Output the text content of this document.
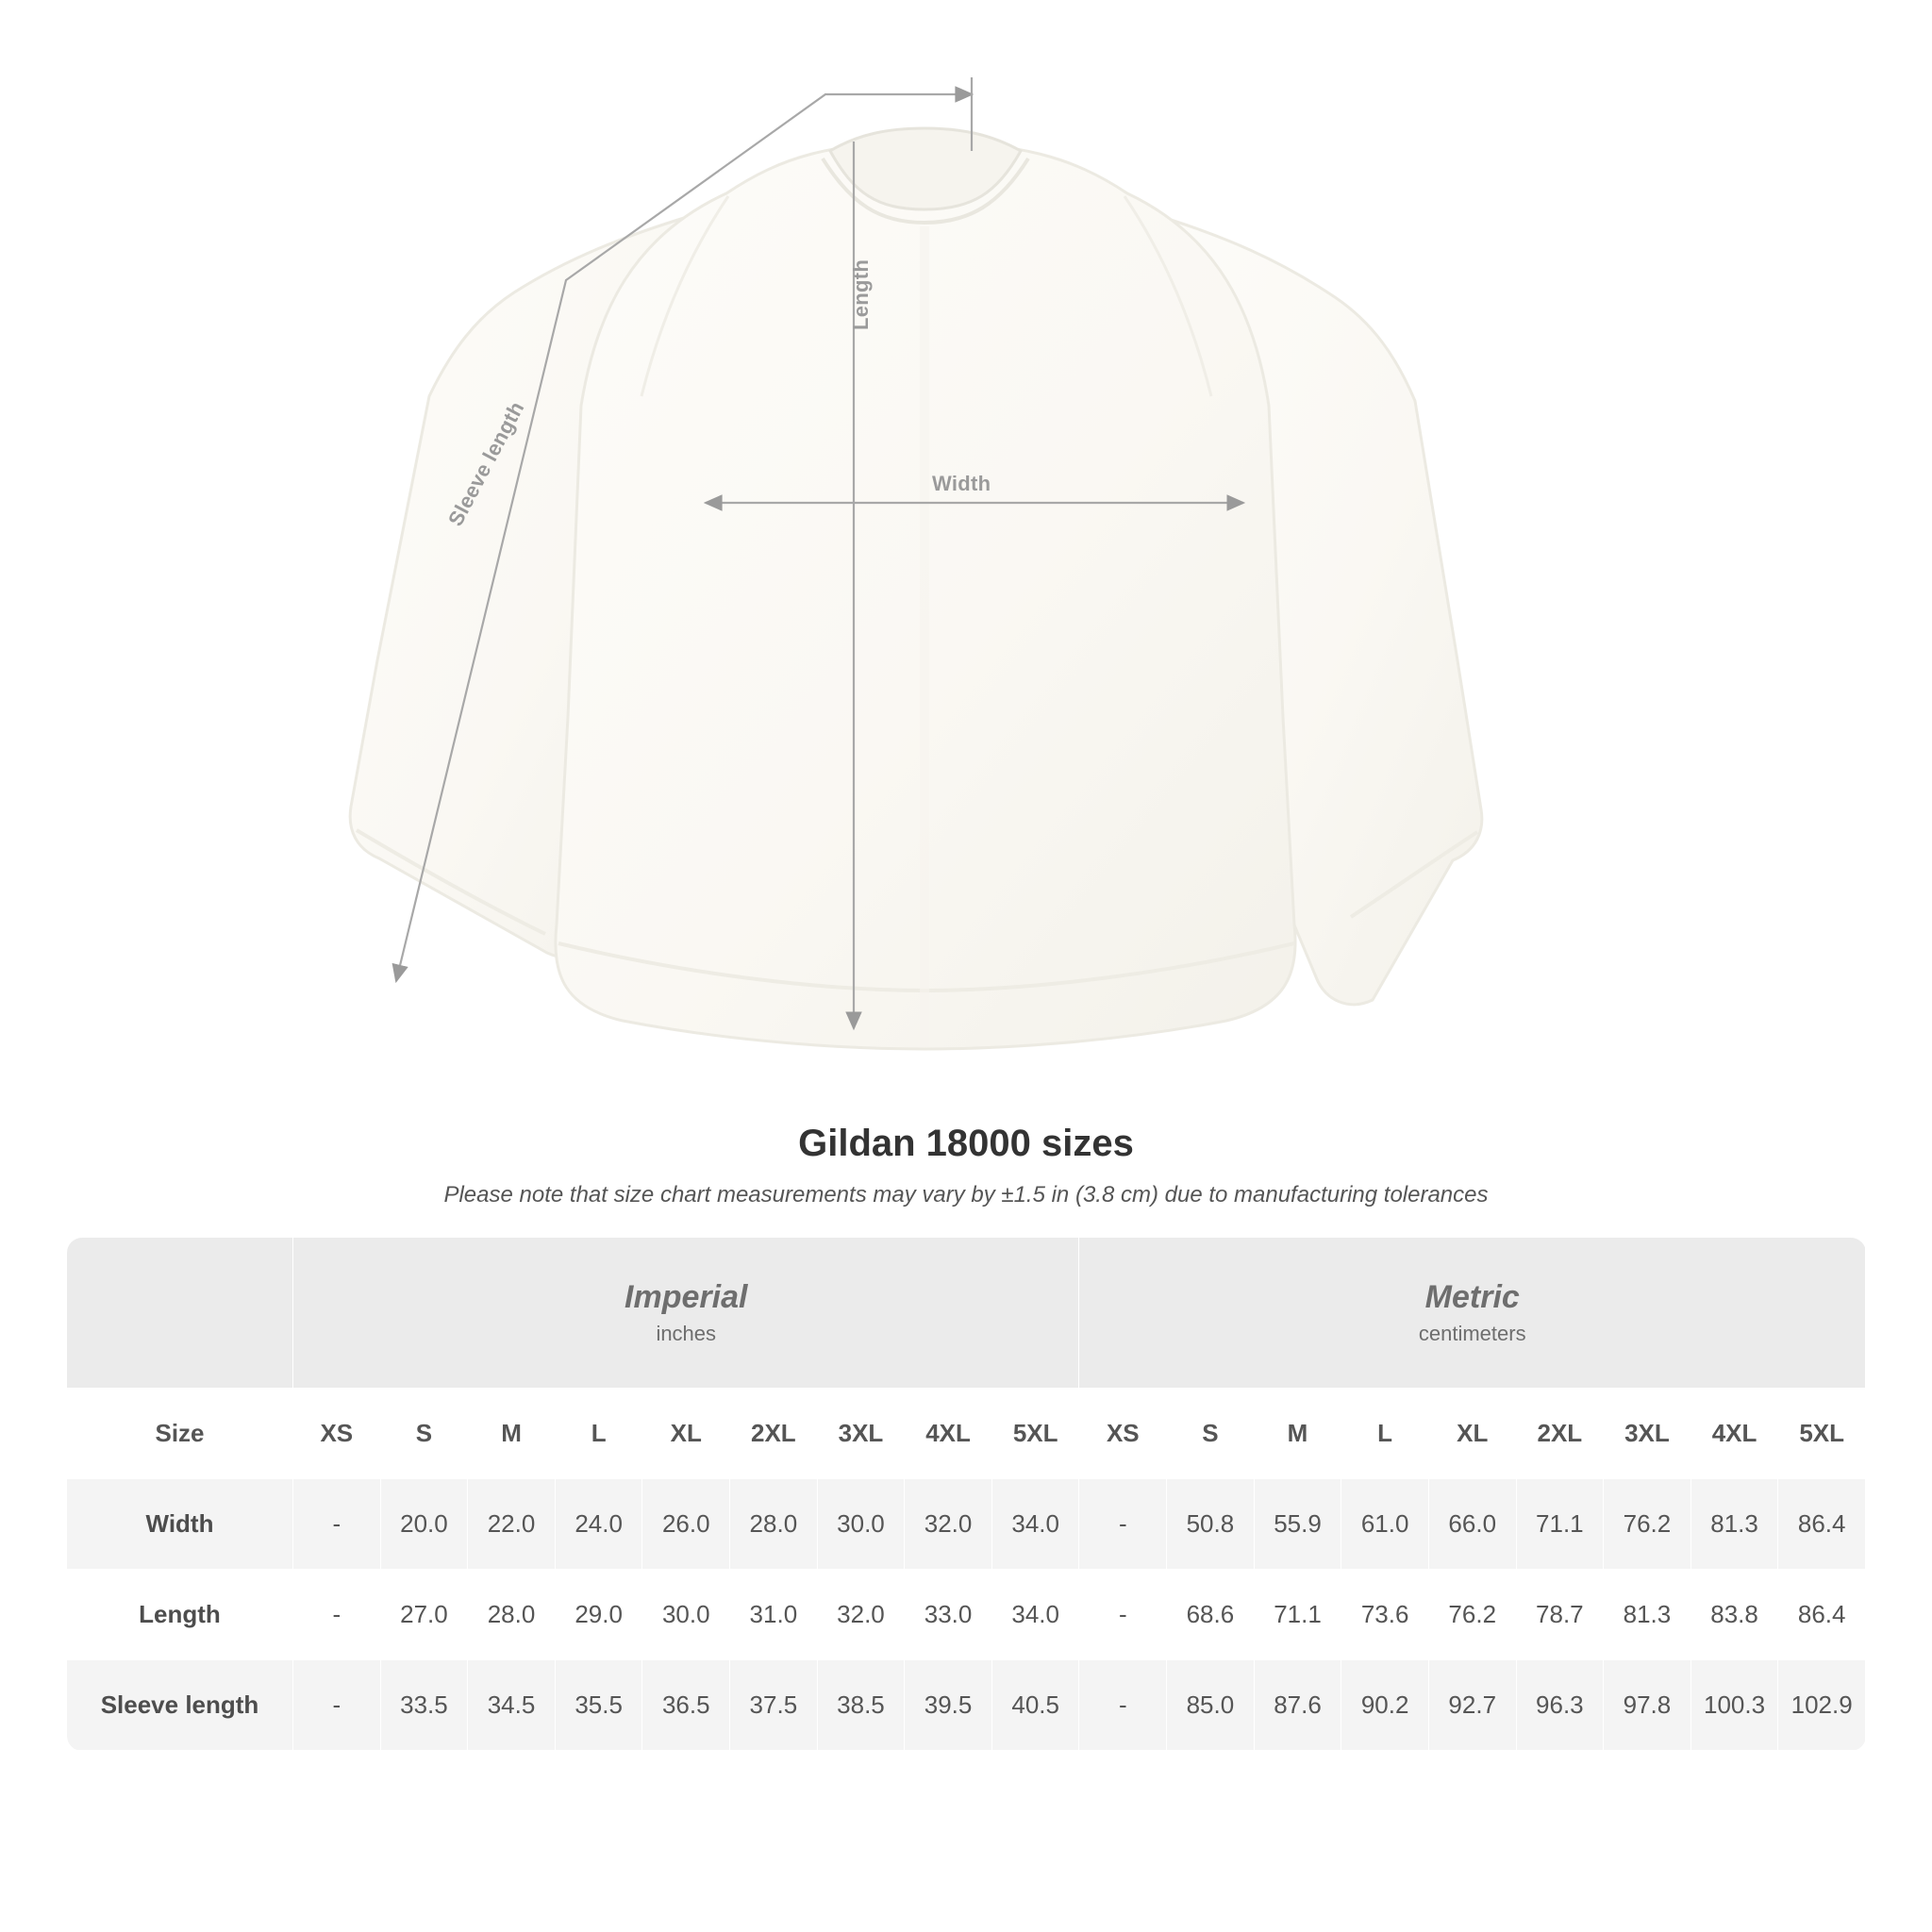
Width
Length
Sleeve length
Gildan 18000 sizes

Please note that size chart measurements may vary by ±1.5 in (3.8 cm) due to manufacturing tolerances

Imperial
inches

Metric
centimeters

Size	XS	S	M	L	XL	2XL	3XL	4XL	5XL	XS	S	M	L	XL	2XL	3XL	4XL	5XL
Width	-	20.0	22.0	24.0	26.0	28.0	30.0	32.0	34.0	-	50.8	55.9	61.0	66.0	71.1	76.2	81.3	86.4
Length	-	27.0	28.0	29.0	30.0	31.0	32.0	33.0	34.0	-	68.6	71.1	73.6	76.2	78.7	81.3	83.8	86.4
Sleeve length	-	33.5	34.5	35.5	36.5	37.5	38.5	39.5	40.5	-	85.0	87.6	90.2	92.7	96.3	97.8	100.3	102.9
